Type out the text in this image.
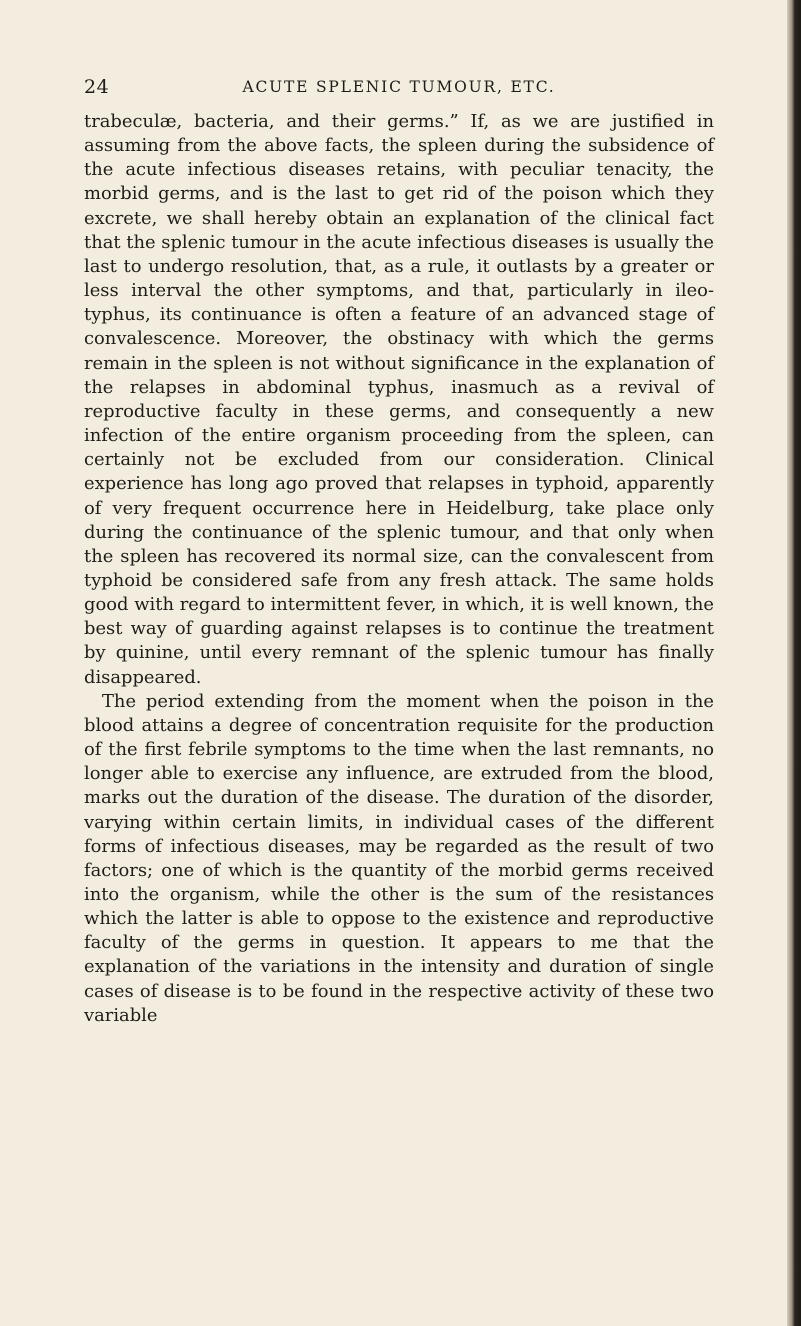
24	ACUTE SPLENIC TUMOUR, ETC.

trabeculæ, bacteria, and their germs.” If, as we are justified in assuming from the above facts, the spleen during the subsidence of the acute infectious diseases retains, with peculiar tenacity, the morbid germs, and is the last to get rid of the poison which they excrete, we shall hereby obtain an explanation of the clinical fact that the splenic tumour in the acute infectious diseases is usually the last to undergo resolution, that, as a rule, it outlasts by a greater or less interval the other symptoms, and that, particularly in ileo-typhus, its continuance is often a feature of an advanced stage of convalescence. Moreover, the obstinacy with which the germs remain in the spleen is not without significance in the explanation of the relapses in abdominal typhus, inasmuch as a revival of reproductive faculty in these germs, and consequently a new infection of the entire organism proceeding from the spleen, can certainly not be excluded from our consideration. Clinical experience has long ago proved that relapses in typhoid, apparently of very frequent occurrence here in Heidelburg, take place only during the continuance of the splenic tumour, and that only when the spleen has recovered its normal size, can the convalescent from typhoid be considered safe from any fresh attack. The same holds good with regard to intermittent fever, in which, it is well known, the best way of guarding against relapses is to continue the treatment by quinine, until every remnant of the splenic tumour has finally disappeared.

The period extending from the moment when the poison in the blood attains a degree of concentration requisite for the production of the first febrile symptoms to the time when the last remnants, no longer able to exercise any influence, are extruded from the blood, marks out the duration of the disease. The duration of the disorder, varying within certain limits, in individual cases of the different forms of infectious diseases, may be regarded as the result of two factors; one of which is the quantity of the morbid germs received into the organism, while the other is the sum of the resistances which the latter is able to oppose to the existence and reproductive faculty of the germs in question. It appears to me that the explanation of the variations in the intensity and duration of single cases of disease is to be found in the respective activity of these two variable
